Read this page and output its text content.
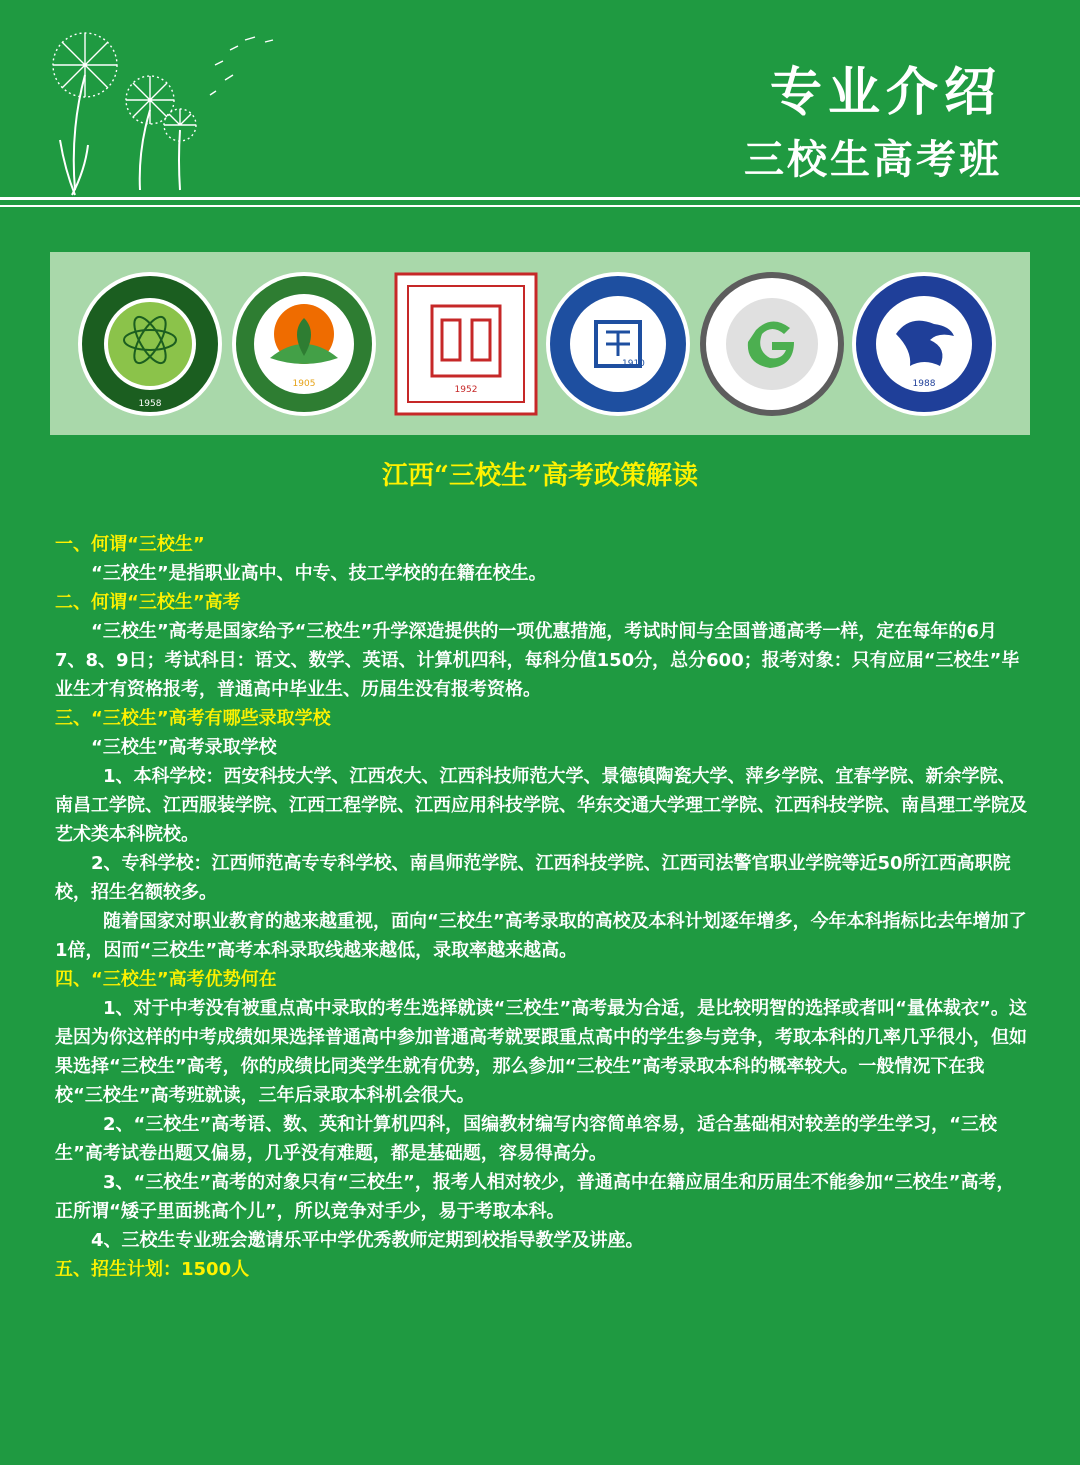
专业介绍
三校生高考班
1958
1905
1952
1910
1988
江西“三校生”高考政策解读

一、何谓“三校生”

“三校生”是指职业高中、中专、技工学校的在籍在校生。

二、何谓“三校生”高考

“三校生”高考是国家给予“三校生”升学深造提供的一项优惠措施，考试时间与全国普通高考一样，定在每年的6月7、8、9日；考试科目：语文、数学、英语、计算机四科，每科分值150分，总分600；报考对象：只有应届“三校生”毕业生才有资格报考，普通高中毕业生、历届生没有报考资格。

三、“三校生”高考有哪些录取学校

“三校生”高考录取学校

1、本科学校：西安科技大学、江西农大、江西科技师范大学、景德镇陶瓷大学、萍乡学院、宜春学院、新余学院、南昌工学院、江西服装学院、江西工程学院、江西应用科技学院、华东交通大学理工学院、江西科技学院、南昌理工学院及艺术类本科院校。

2、专科学校：江西师范高专专科学校、南昌师范学院、江西科技学院、江西司法警官职业学院等近50所江西高职院校，招生名额较多。

随着国家对职业教育的越来越重视，面向“三校生”高考录取的高校及本科计划逐年增多，今年本科指标比去年增加了1倍，因而“三校生”高考本科录取线越来越低，录取率越来越高。

四、“三校生”高考优势何在

1、对于中考没有被重点高中录取的考生选择就读“三校生”高考最为合适，是比较明智的选择或者叫“量体裁衣”。这是因为你这样的中考成绩如果选择普通高中参加普通高考就要跟重点高中的学生参与竞争，考取本科的几率几乎很小，但如果选择“三校生”高考，你的成绩比同类学生就有优势，那么参加“三校生”高考录取本科的概率较大。一般情况下在我校“三校生”高考班就读，三年后录取本科机会很大。

2、“三校生”高考语、数、英和计算机四科，国编教材编写内容简单容易，适合基础相对较差的学生学习，“三校生”高考试卷出题又偏易，几乎没有难题，都是基础题，容易得高分。

3、“三校生”高考的对象只有“三校生”，报考人相对较少，普通高中在籍应届生和历届生不能参加“三校生”高考，正所谓“矮子里面挑高个儿”，所以竞争对手少，易于考取本科。

4、三校生专业班会邀请乐平中学优秀教师定期到校指导教学及讲座。

五、招生计划：1500人
